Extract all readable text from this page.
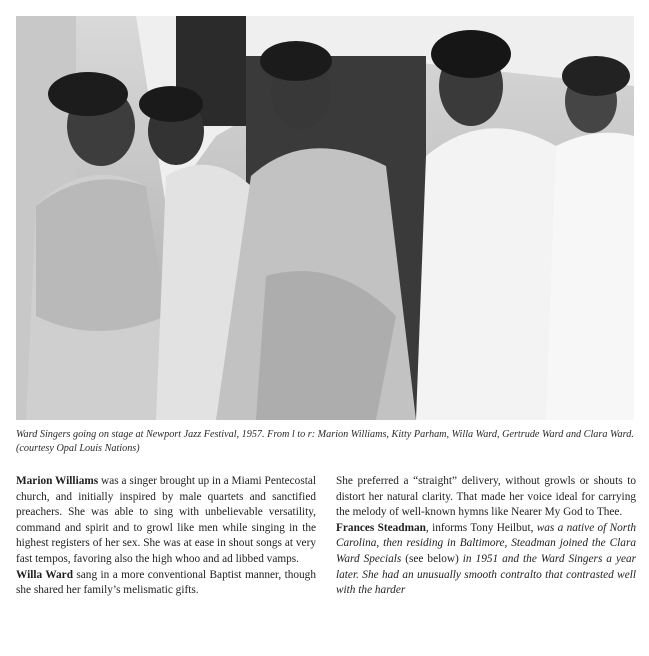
Ward Singers going on stage at Newport Jazz Festival, 1957. From l to r: Marion Williams, Kitty Parham, Willa Ward, Gertrude Ward and Clara Ward. (courtesy Opal Louis Nations)

Marion Williams was a singer brought up in a Miami Pentecostal church, and initially inspired by male quartets and sanctified preachers. She was able to sing with unbelievable versatility, command and spirit and to growl like men while singing in the highest registers of her sex. She was at ease in shout songs at very fast tempos, favoring also the high whoo and ad libbed vamps.

Willa Ward sang in a more conventional Baptist manner, though she shared her family’s melismatic gifts.

She preferred a “straight” delivery, without growls or shouts to distort her natural clarity. That made her voice ideal for carrying the melody of well-known hymns like Nearer My God to Thee.

Frances Steadman, informs Tony Heilbut, was a native of North Carolina, then residing in Baltimore, Steadman joined the Clara Ward Specials (see below) in 1951 and the Ward Singers a year later. She had an unusually smooth contralto that contrasted well with the harder
